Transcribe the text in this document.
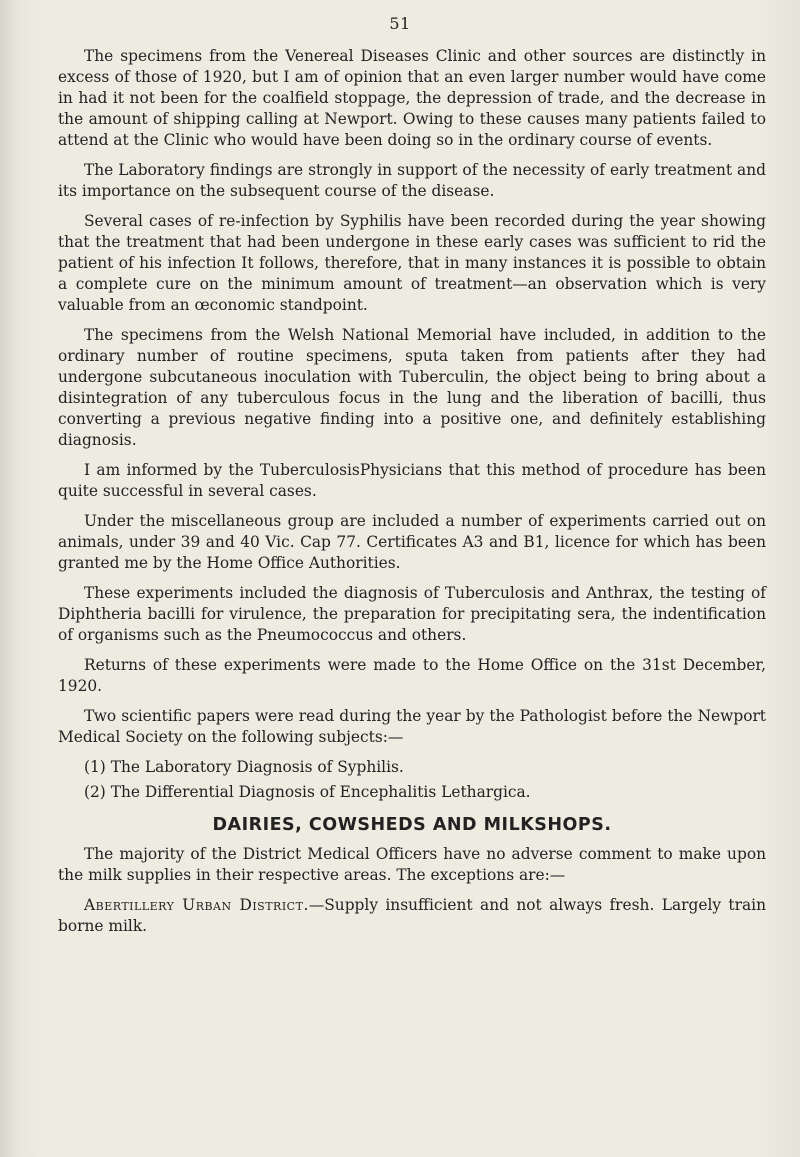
51

The specimens from the Venereal Diseases Clinic and other sources are distinctly in excess of those of 1920, but I am of opinion that an even larger number would have come in had it not been for the coalfield stoppage, the depression of trade, and the decrease in the amount of shipping calling at Newport. Owing to these causes many patients failed to attend at the Clinic who would have been doing so in the ordinary course of events.

The Laboratory findings are strongly in support of the necessity of early treatment and its importance on the subsequent course of the disease.

Several cases of re-infection by Syphilis have been recorded during the year showing that the treatment that had been undergone in these early cases was sufficient to rid the patient of his infection It follows, therefore, that in many instances it is possible to obtain a complete cure on the minimum amount of treatment—an observation which is very valuable from an œconomic standpoint.

The specimens from the Welsh National Memorial have included, in addition to the ordinary number of routine specimens, sputa taken from patients after they had undergone subcutaneous inoculation with Tuberculin, the object being to bring about a disintegration of any tuberculous focus in the lung and the liberation of bacilli, thus converting a previous negative finding into a positive one, and definitely establishing diagnosis.

I am informed by the TuberculosisPhysicians that this method of procedure has been quite successful in several cases.

Under the miscellaneous group are included a number of experiments carried out on animals, under 39 and 40 Vic. Cap 77. Certificates A3 and B1, licence for which has been granted me by the Home Office Authorities.

These experiments included the diagnosis of Tuberculosis and Anthrax, the testing of Diphtheria bacilli for virulence, the preparation for precipitating sera, the indentification of organisms such as the Pneumococcus and others.

Returns of these experiments were made to the Home Office on the 31st December, 1920.

Two scientific papers were read during the year by the Pathologist before the Newport Medical Society on the following subjects:—

(1) The Laboratory Diagnosis of Syphilis.

(2) The Differential Diagnosis of Encephalitis Lethargica.

DAIRIES, COWSHEDS AND MILKSHOPS.

The majority of the District Medical Officers have no adverse comment to make upon the milk supplies in their respective areas. The exceptions are:—

Abertillery Urban District.—Supply insufficient and not always fresh. Largely train borne milk.
